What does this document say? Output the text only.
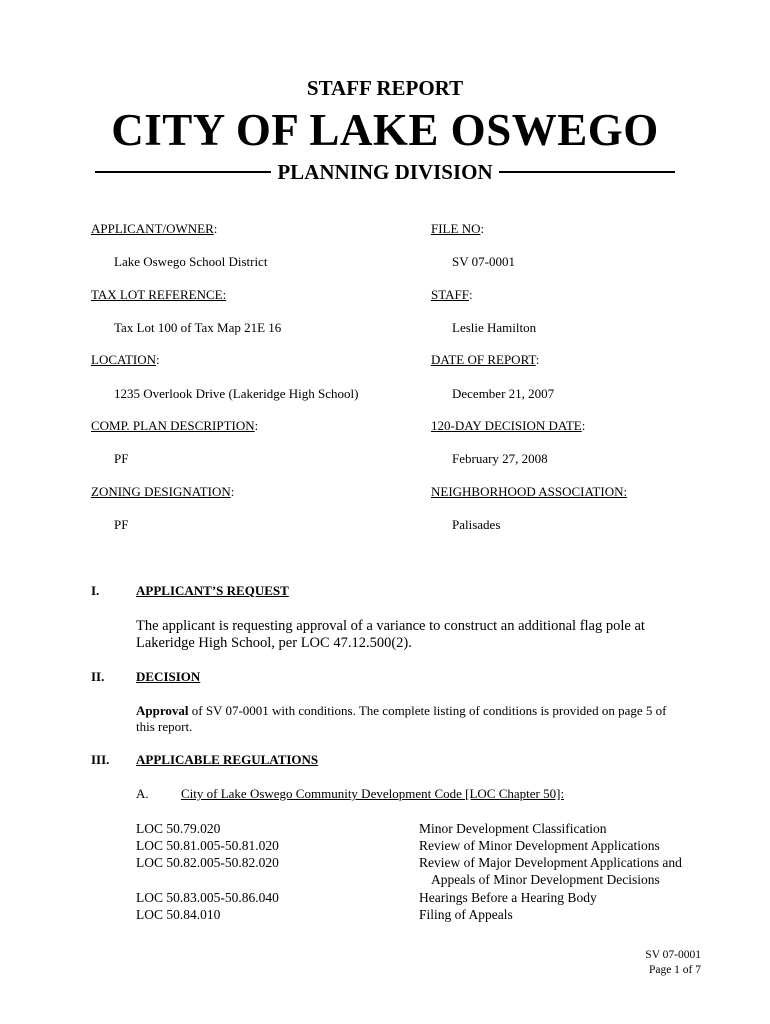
STAFF REPORT
CITY OF LAKE OSWEGO
PLANNING DIVISION
APPLICANT/OWNER:
Lake Oswego School District
TAX LOT REFERENCE:
Tax Lot 100 of Tax Map 21E 16
LOCATION:
1235 Overlook Drive (Lakeridge High School)
COMP. PLAN DESCRIPTION:
PF
ZONING DESIGNATION:
PF
FILE NO:
SV 07-0001
STAFF:
Leslie Hamilton
DATE OF REPORT:
December 21, 2007
120-DAY DECISION DATE:
February 27, 2008
NEIGHBORHOOD ASSOCIATION:
Palisades
I.	APPLICANT’S REQUEST
The applicant is requesting approval of a variance to construct an additional flag pole at
Lakeridge High School, per LOC 47.12.500(2).
II. DECISION
Approval of SV 07-0001 with conditions. The complete listing of conditions is provided on page 5 of
this report.
III. APPLICABLE REGULATIONS
A. City of Lake Oswego Community Development Code [LOC Chapter 50]:
LOC 50.79.020	Minor Development Classification
LOC 50.81.005-50.81.020	Review of Minor Development Applications
LOC 50.82.005-50.82.020	Review of Major Development Applications and
Appeals of Minor Development Decisions
LOC 50.83.005-50.86.040	Hearings Before a Hearing Body
LOC 50.84.010	Filing of Appeals
SV 07-0001
Page 1 of 7
